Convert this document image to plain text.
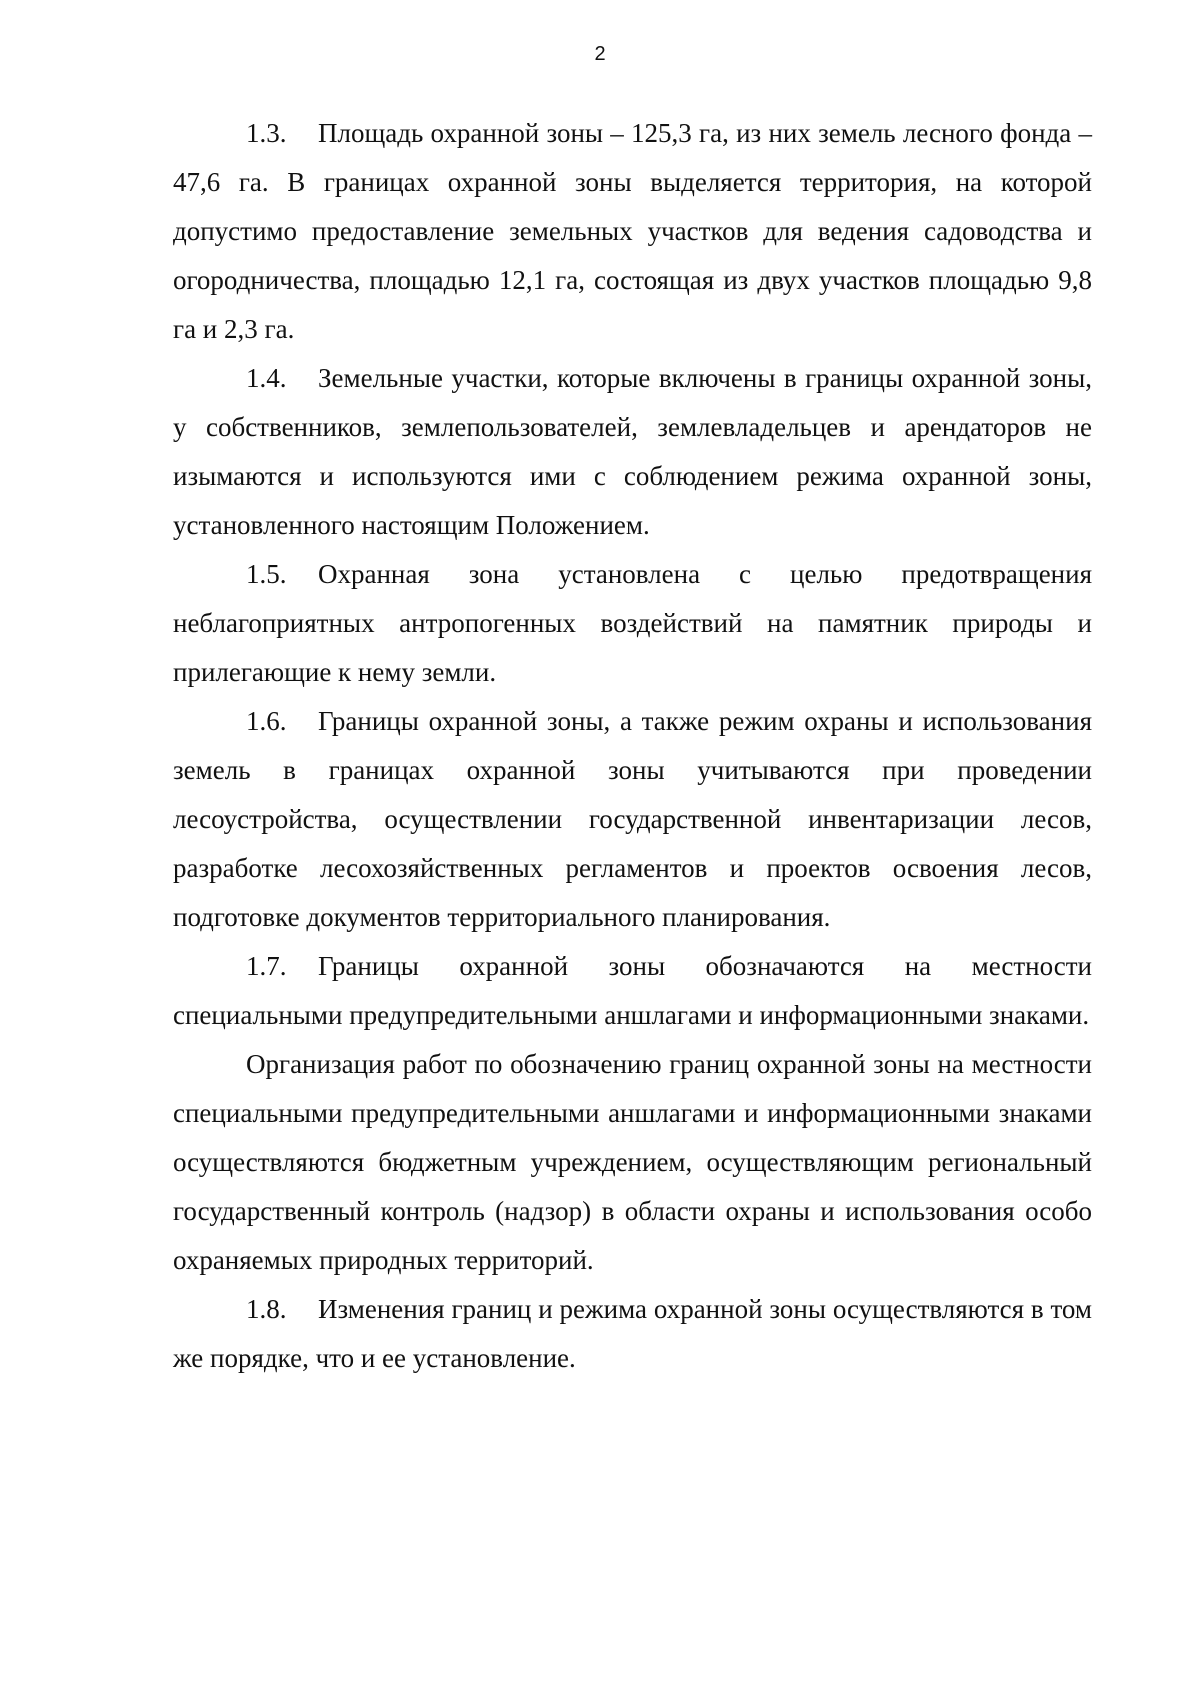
2

1.3. Площадь охранной зоны – 125,3 га, из них земель лесного фонда – 47,6 га. В границах охранной зоны выделяется территория, на которой допустимо предоставление земельных участков для ведения садоводства и огородничества, площадью 12,1 га, состоящая из двух участков площадью 9,8 га и 2,3 га.

1.4. Земельные участки, которые включены в границы охранной зоны, у собственников, землепользователей, землевладельцев и арендаторов не изымаются и используются ими с соблюдением режима охранной зоны, установленного настоящим Положением.

1.5. Охранная зона установлена с целью предотвращения неблагоприятных антропогенных воздействий на памятник природы и прилегающие к нему земли.

1.6. Границы охранной зоны, а также режим охраны и использования земель в границах охранной зоны учитываются при проведении лесоустройства, осуществлении государственной инвентаризации лесов, разработке лесохозяйственных регламентов и проектов освоения лесов, подготовке документов территориального планирования.

1.7. Границы охранной зоны обозначаются на местности специальными предупредительными аншлагами и информационными знаками.

Организация работ по обозначению границ охранной зоны на местности специальными предупредительными аншлагами и информационными знаками осуществляются бюджетным учреждением, осуществляющим региональный государственный контроль (надзор) в области охраны и использования особо охраняемых природных территорий.

1.8. Изменения границ и режима охранной зоны осуществляются в том же порядке, что и ее установление.
